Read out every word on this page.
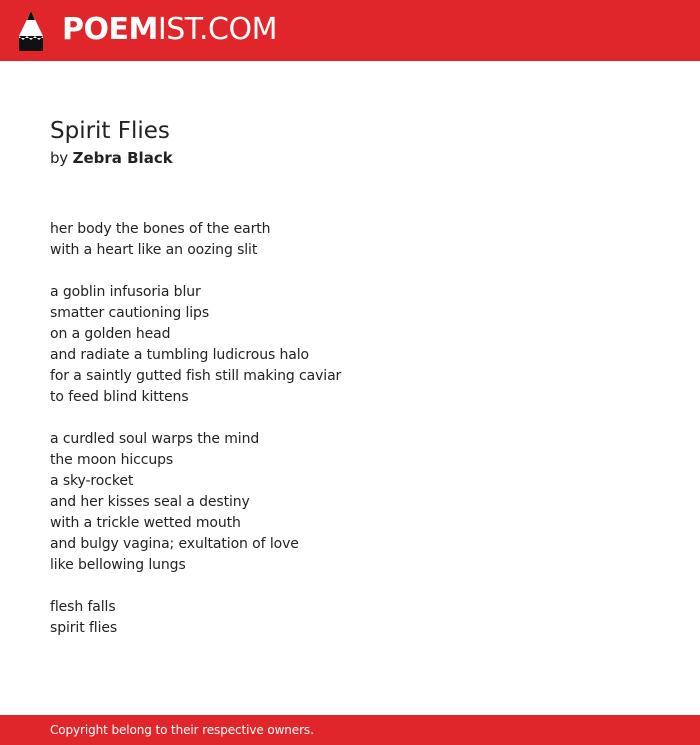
POEMIST.COM
Spirit Flies

by Zebra Black

her body the bones of the earth
with a heart like an oozing slit

a goblin infusoria blur
smatter cautioning lips
on a golden head
and radiate a tumbling ludicrous halo
for a saintly gutted fish still making caviar
to feed blind kittens

a curdled soul warps the mind
the moon hiccups
a sky-rocket
and her kisses seal a destiny
with a trickle wetted mouth
and bulgy vagina; exultation of love
like bellowing lungs

flesh falls
spirit flies

Copyright belong to their respective owners.
